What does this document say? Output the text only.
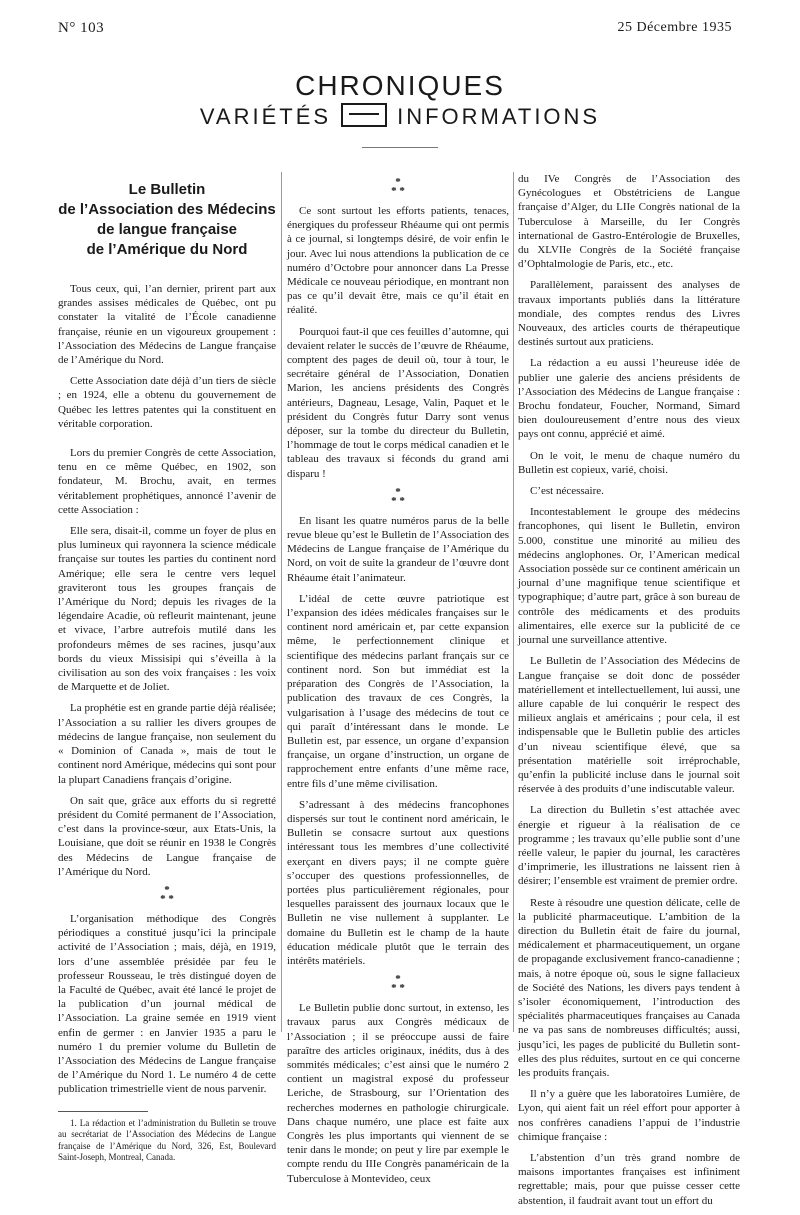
N° 103	25 Décembre 1935
CHRONIQUES
VARIÉTÉS	INFORMATIONS
Le Bulletin
de l’Association des Médecins
de langue française
de l’Amérique du Nord

Tous ceux, qui, l’an dernier, prirent part aux grandes assises médicales de Québec, ont pu constater la vitalité de l’École canadienne française, réunie en un vigoureux groupement : l’Association des Médecins de Langue française de l’Amérique du Nord.

Cette Association date déjà d’un tiers de siècle ; en 1924, elle a obtenu du gouvernement de Québec les lettres patentes qui la constituent en véritable corporation.

Lors du premier Congrès de cette Association, tenu en ce même Québec, en 1902, son fondateur, M. Brochu, avait, en termes véritablement prophétiques, annoncé l’avenir de cette Association :

Elle sera, disait-il, comme un foyer de plus en plus lumineux qui rayonnera la science médicale française sur toutes les parties du continent nord Amérique; elle sera le centre vers lequel graviteront tous les groupes français de l’Amérique du Nord; depuis les rivages de la légendaire Acadie, où refleurit maintenant, jeune et vivace, l’arbre autrefois mutilé dans les profondeurs mêmes de ses racines, jusqu’aux bords du vieux Missisipi qui s’éveilla à la civilisation au son des voix françaises : les voix de Marquette et de Joliet.

La prophétie est en grande partie déjà réalisée; l’Association a su rallier les divers groupes de médecins de langue française, non seulement du « Dominion of Canada », mais de tout le continent nord Amérique, médecins qui sont pour la plupart Canadiens français d’origine.

On sait que, grâce aux efforts du si regretté président du Comité permanent de l’Association, c’est dans la province-sœur, aux Etats-Unis, la Louisiane, que doit se réunir en 1938 le Congrès des Médecins de Langue française de l’Amérique du Nord.

*
* *

L’organisation méthodique des Congrès périodiques a constitué jusqu’ici la principale activité de l’Association ; mais, déjà, en 1919, lors d’une assemblée présidée par feu le professeur Rousseau, le très distingué doyen de la Faculté de Québec, avait été lancé le projet de la publication d’un journal médical de l’Association. La graine semée en 1919 vient enfin de germer : en Janvier 1935 a paru le numéro 1 du premier volume du Bulletin de l’Association des Médecins de Langue française de l’Amérique du Nord 1. Le numéro 4 de cette publication trimestrielle vient de nous parvenir.

1. La rédaction et l’administration du Bulletin se trouve au secrétariat de l’Association des Médecins de Langue française de l’Amérique du Nord, 326, Est, Boulevard Saint-Joseph, Montreal, Canada.
*
* *

Ce sont surtout les efforts patients, tenaces, énergiques du professeur Rhéaume qui ont permis à ce journal, si longtemps désiré, de voir enfin le jour. Avec lui nous attendions la publication de ce numéro d’Octobre pour annoncer dans La Presse Médicale ce nouveau périodique, en montrant non pas ce qu’il devait être, mais ce qu’il était en réalité.

Pourquoi faut-il que ces feuilles d’automne, qui devaient relater le succès de l’œuvre de Rhéaume, comptent des pages de deuil où, tour à tour, le secrétaire général de l’Association, Donatien Marion, les anciens présidents des Congrès antérieurs, Dagneau, Lesage, Valin, Paquet et le président du Congrès futur Darry sont venus déposer, sur la tombe du directeur du Bulletin, l’hommage de tout le corps médical canadien et le tableau des travaux si féconds du grand ami disparu !

*
* *

En lisant les quatre numéros parus de la belle revue bleue qu’est le Bulletin de l’Association des Médecins de Langue française de l’Amérique du Nord, on voit de suite la grandeur de l’œuvre dont Rhéaume était l’animateur.

L’idéal de cette œuvre patriotique est l’expansion des idées médicales françaises sur le continent nord américain et, par cette expansion même, le perfectionnement clinique et scientifique des médecins parlant français sur ce continent nord. Son but immédiat est la préparation des Congrès de l’Association, la publication des travaux de ces Congrès, la vulgarisation à l’usage des médecins de tout ce qui paraît d’intéressant dans le monde. Le Bulletin est, par essence, un organe d’expansion française, un organe d’instruction, un organe de rapprochement entre enfants d’une même race, entre fils d’une même civilisation.

S’adressant à des médecins francophones dispersés sur tout le continent nord américain, le Bulletin se consacre surtout aux questions intéressant tous les membres d’une collectivité exerçant en divers pays; il ne compte guère s’occuper des questions professionnelles, de portées plus particulièrement régionales, pour lesquelles paraissent des journaux locaux que le Bulletin ne vise nullement à supplanter. Le domaine du Bulletin est le champ de la haute éducation médicale plutôt que le terrain des intérêts matériels.

*
* *

Le Bulletin publie donc surtout, in extenso, les travaux parus aux Congrès médicaux de l’Association ; il se préoccupe aussi de faire paraître des articles originaux, inédits, dus à des sommités médicales; c’est ainsi que le numéro 2 contient un magistral exposé du professeur Leriche, de Strasbourg, sur l’Orientation des recherches modernes en pathologie chirurgicale. Dans chaque numéro, une place est faite aux Congrès les plus importants qui viennent de se tenir dans le monde; on peut y lire par exemple le compte rendu du IIIe Congrès panaméricain de la Tuberculose à Montevideo, ceux

du IVe Congrès de l’Association des Gynécologues et Obstétriciens de Langue française d’Alger, du LIIe Congrès national de la Tuberculose à Marseille, du Ier Congrès international de Gastro-Entérologie de Bruxelles, du XLVIIe Congrès de la Société française d’Ophtalmologie de Paris, etc., etc.

Parallèlement, paraissent des analyses de travaux importants publiés dans la littérature mondiale, des comptes rendus des Livres Nouveaux, des articles courts de thérapeutique destinés surtout aux praticiens.

La rédaction a eu aussi l’heureuse idée de publier une galerie des anciens présidents de l’Association des Médecins de Langue française : Brochu fondateur, Foucher, Normand, Simard bien douloureusement d’entre nous des vieux pays ont connu, apprécié et aimé.

On le voit, le menu de chaque numéro du Bulletin est copieux, varié, choisi.

C’est nécessaire.

Incontestablement le groupe des médecins francophones, qui lisent le Bulletin, environ 5.000, constitue une minorité au milieu des médecins anglophones. Or, l’American medical Association possède sur ce continent américain un journal d’une magnifique tenue scientifique et typographique; d’autre part, grâce à son bureau de contrôle des médicaments et des produits alimentaires, elle exerce sur la publicité de ce journal une surveillance attentive.

Le Bulletin de l’Association des Médecins de Langue française se doit donc de posséder matériellement et intellectuellement, lui aussi, une allure capable de lui conquérir le respect des milieux anglais et américains ; pour cela, il est indispensable que le Bulletin publie des articles d’un niveau scientifique élevé, que sa présentation matérielle soit irréprochable, qu’enfin la publicité incluse dans le journal soit réservée à des produits d’une indiscutable valeur.

La direction du Bulletin s’est attachée avec énergie et rigueur à la réalisation de ce programme ; les travaux qu’elle publie sont d’une réelle valeur, le papier du journal, les caractères d’imprimerie, les illustrations ne laissent rien à désirer; l’ensemble est vraiment de premier ordre.

Reste à résoudre une question délicate, celle de la publicité pharmaceutique. L’ambition de la direction du Bulletin était de faire du journal, médicalement et pharmaceutiquement, un organe de propagande exclusivement franco-canadienne ; mais, à notre époque où, sous le signe fallacieux de Société des Nations, les divers pays tendent à s’isoler économiquement, l’introduction des spécialités pharmaceutiques françaises au Canada ne va pas sans de nombreuses difficultés; aussi, jusqu’ici, les pages de publicité du Bulletin sont-elles des plus réduites, surtout en ce qui concerne les produits français.

Il n’y a guère que les laboratoires Lumière, de Lyon, qui aient fait un réel effort pour apporter à nos confrères canadiens l’appui de l’industrie chimique française :

L’abstention d’un très grand nombre de maisons importantes françaises est infiniment regrettable; mais, pour que puisse cesser cette abstention, il faudrait avant tout un effort du
